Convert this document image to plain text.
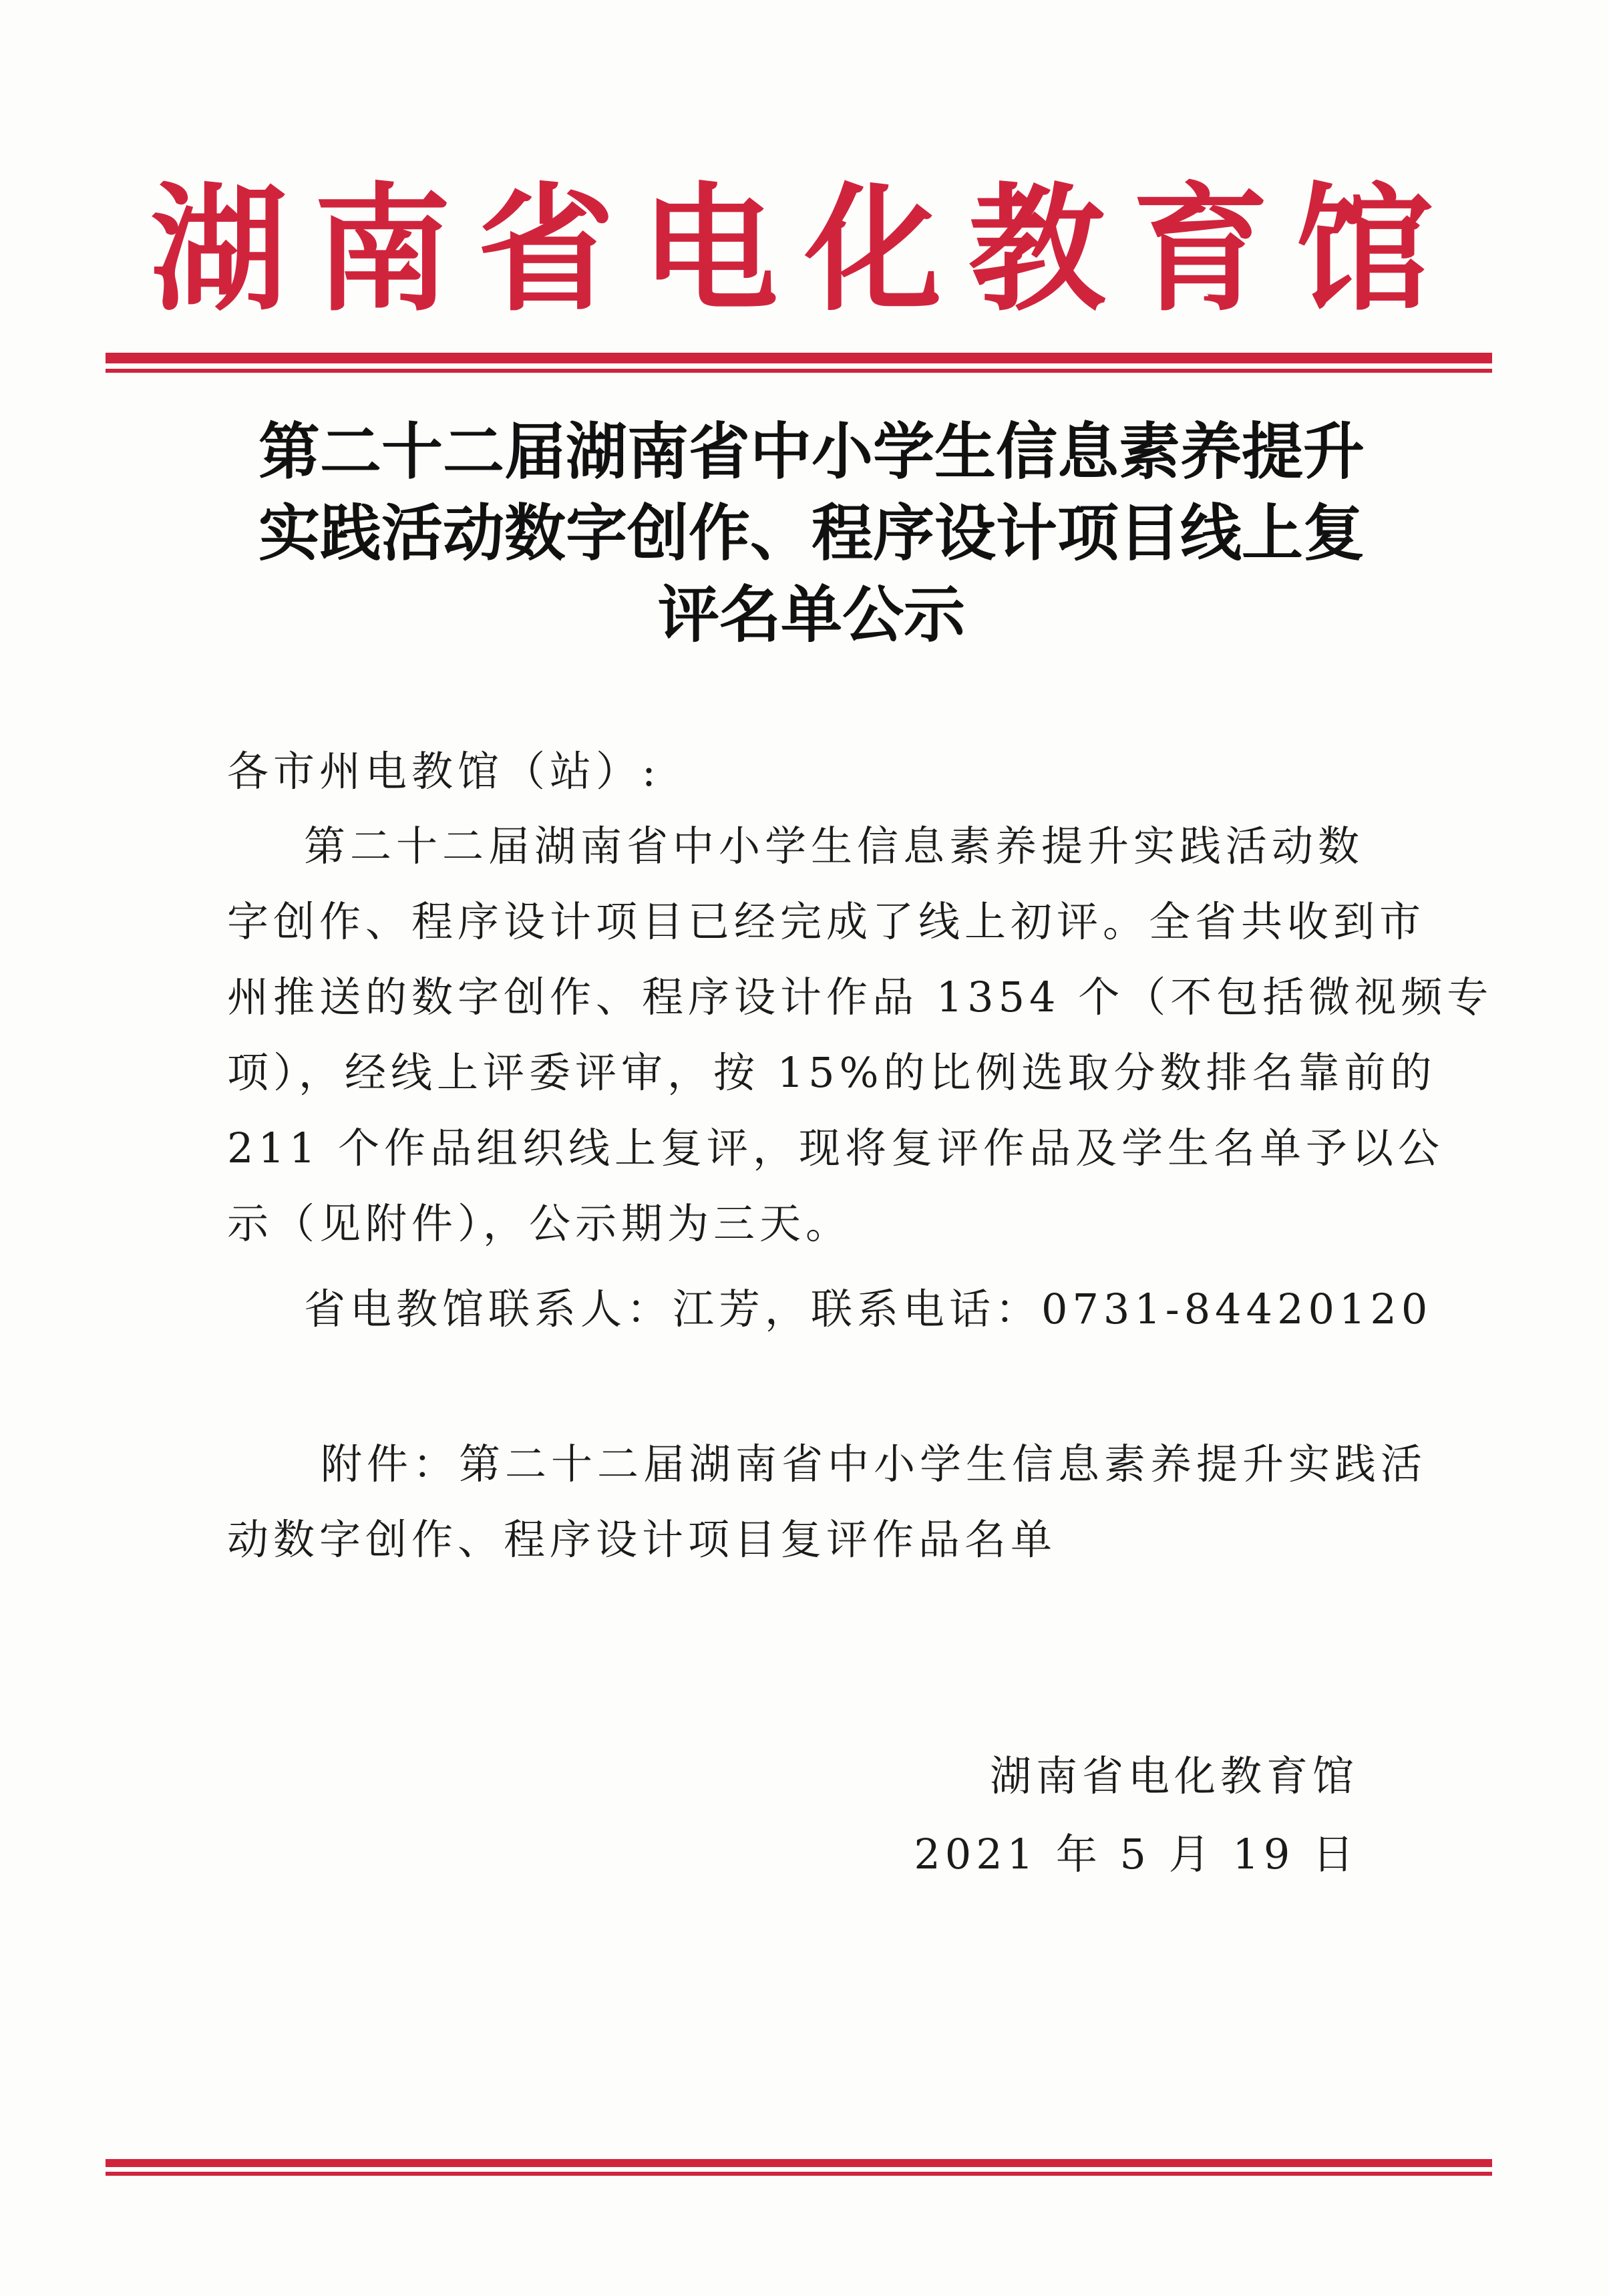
湖南省电化教育馆
第二十二届湖南省中小学生信息素养提升
实践活动数字创作、程序设计项目线上复
评名单公示
各市州电教馆（站）:
第二十二届湖南省中小学生信息素养提升实践活动数
字创作、程序设计项目已经完成了线上初评。全省共收到市
州推送的数字创作、程序设计作品 1354 个（不包括微视频专
项），经线上评委评审，按 15%的比例选取分数排名靠前的
211 个作品组织线上复评，现将复评作品及学生名单予以公
示（见附件），公示期为三天。
省电教馆联系人：江芳，联系电话：0731-84420120
附件：第二十二届湖南省中小学生信息素养提升实践活
动数字创作、程序设计项目复评作品名单
湖南省电化教育馆
2021 年 5 月 19 日
